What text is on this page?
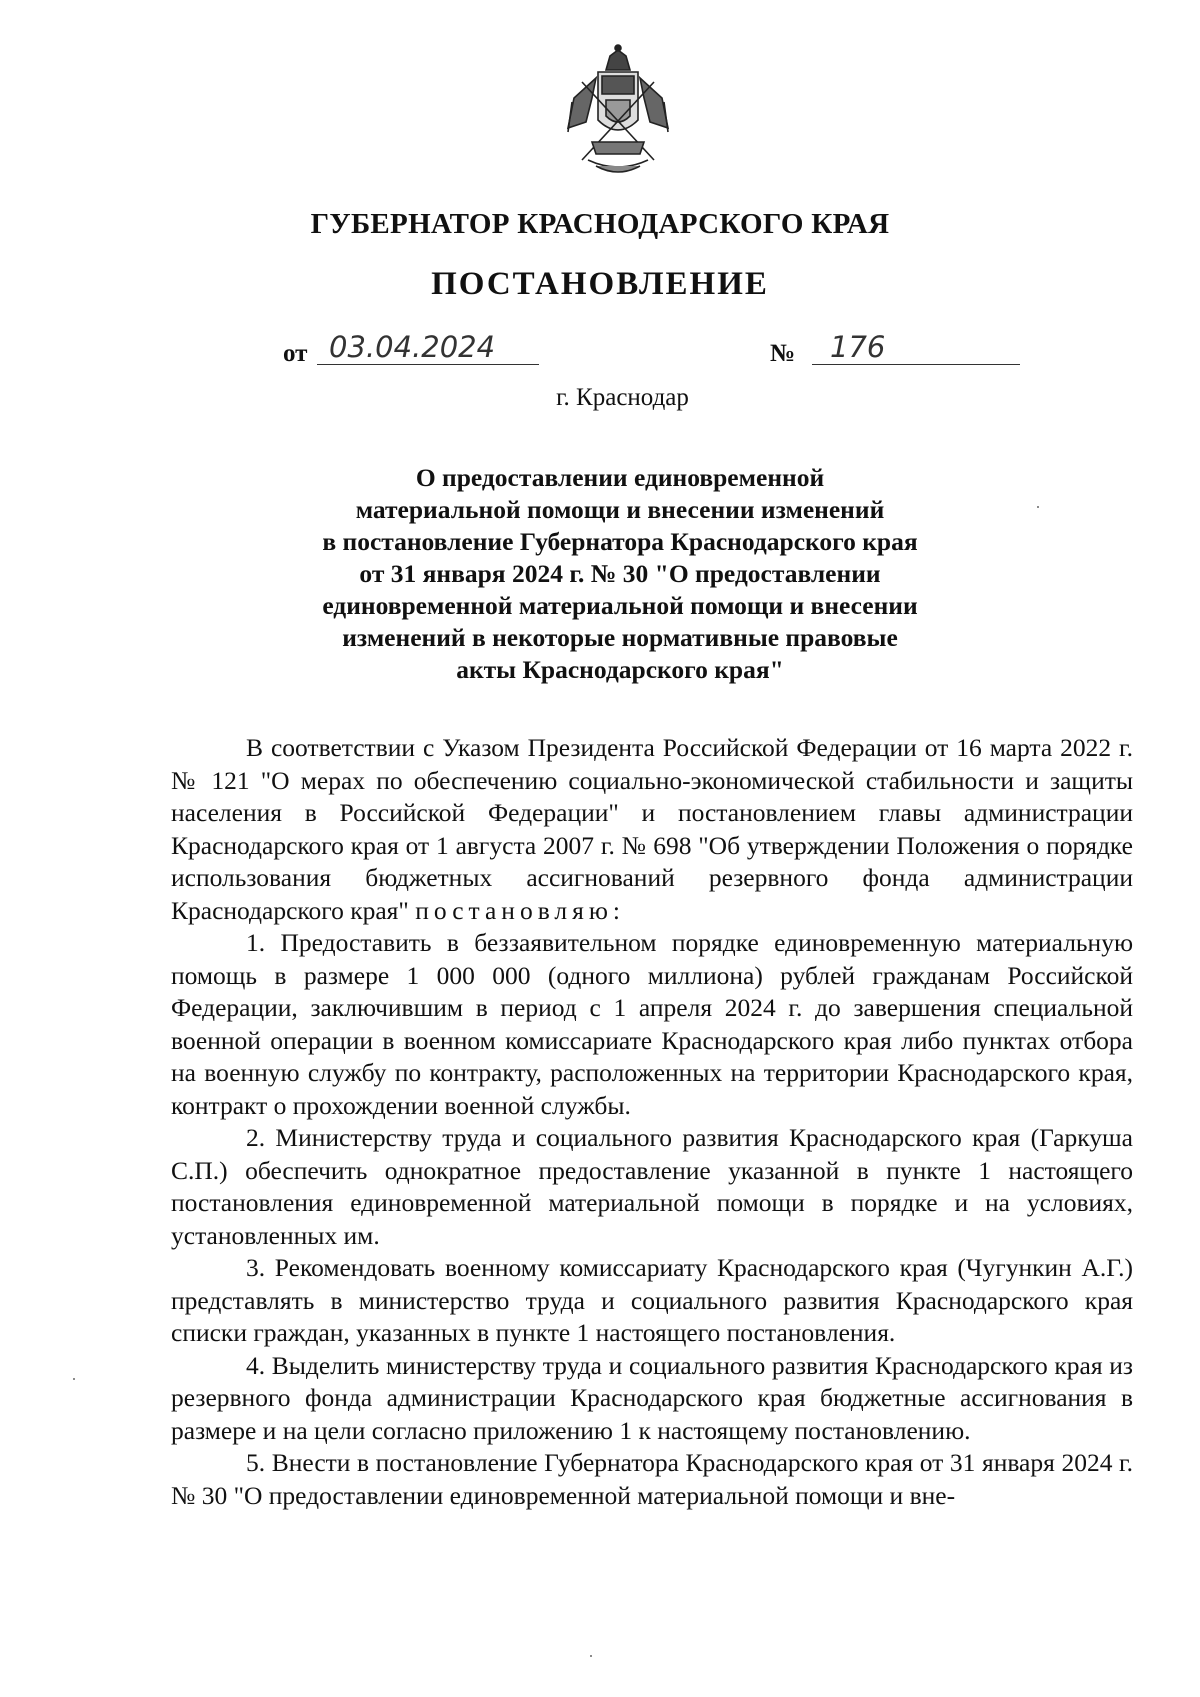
ГУБЕРНАТОР КРАСНОДАРСКОГО КРАЯ
ПОСТАНОВЛЕНИЕ
от 03.04.2024	№	176
г. Краснодар
О предоставлении единовременной
материальной помощи и внесении изменений
в постановление Губернатора Краснодарского края
от 31 января 2024 г. № 30 "О предоставлении
единовременной материальной помощи и внесении
изменений в некоторые нормативные правовые
акты Краснодарского края"

В соответствии с Указом Президента Российской Федерации от 16 марта 2022 г. № 121 "О мерах по обеспечению социально-экономической стабильности и защиты населения в Российской Федерации" и постановлением главы администрации Краснодарского края от 1 августа 2007 г. № 698 "Об утверждении Положения о порядке использования бюджетных ассигнований резервного фонда администрации Краснодарского края" постановляю:

1. Предоставить в беззаявительном порядке единовременную материальную помощь в размере 1 000 000 (одного миллиона) рублей гражданам Российской Федерации, заключившим в период с 1 апреля 2024 г. до завершения специальной военной операции в военном комиссариате Краснодарского края либо пунктах отбора на военную службу по контракту, расположенных на территории Краснодарского края, контракт о прохождении военной службы.

2. Министерству труда и социального развития Краснодарского края (Гаркуша С.П.) обеспечить однократное предоставление указанной в пункте 1 настоящего постановления единовременной материальной помощи в порядке и на условиях, установленных им.

3. Рекомендовать военному комиссариату Краснодарского края (Чугункин А.Г.) представлять в министерство труда и социального развития Краснодарского края списки граждан, указанных в пункте 1 настоящего постановления.

4. Выделить министерству труда и социального развития Краснодарского края из резервного фонда администрации Краснодарского края бюджетные ассигнования в размере и на цели согласно приложению 1 к настоящему постановлению.

5. Внести в постановление Губернатора Краснодарского края от 31 января 2024 г. № 30 "О предоставлении единовременной материальной помощи и вне-
